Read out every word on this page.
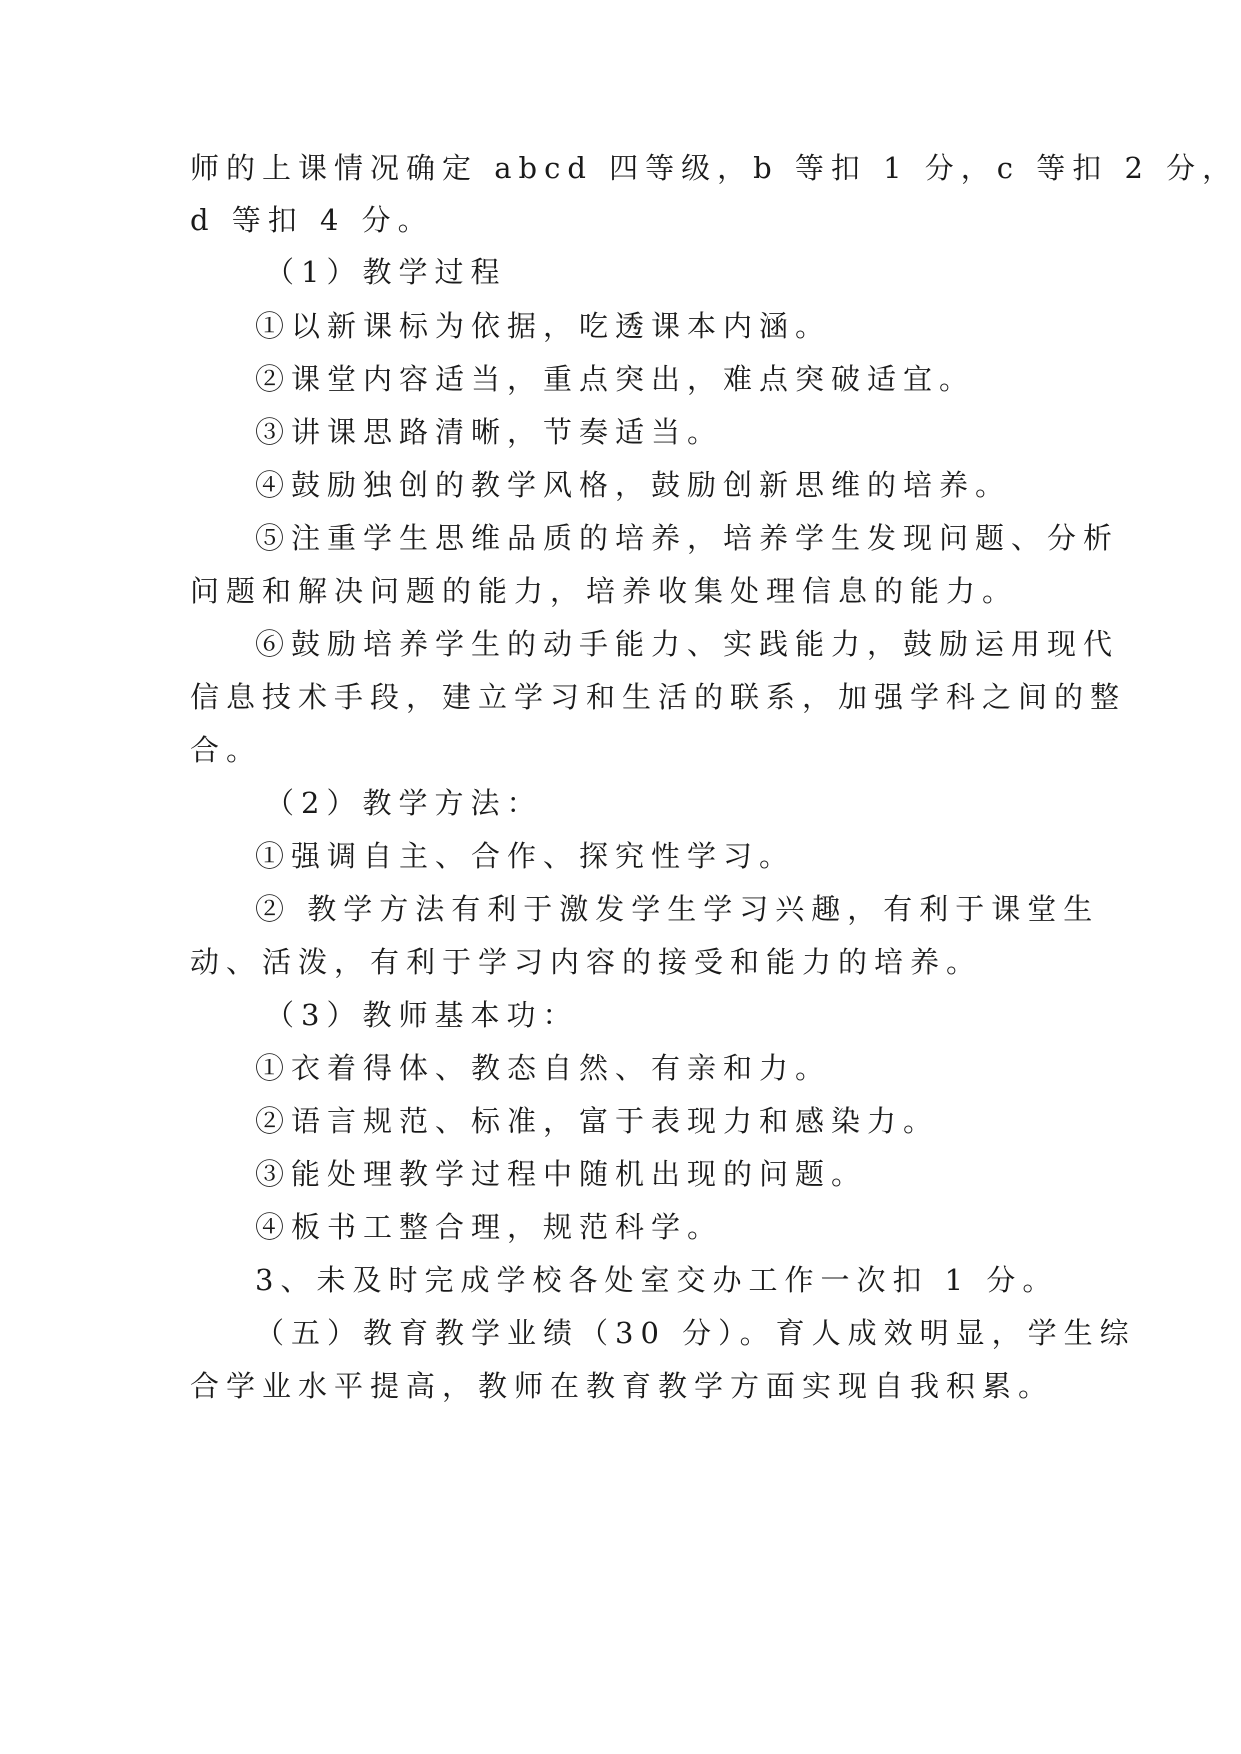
师的上课情况确定 abcd 四等级，b 等扣 1 分，c 等扣 2 分，
d 等扣 4 分。
（1）教学过程
①以新课标为依据，吃透课本内涵。
②课堂内容适当，重点突出，难点突破适宜。
③讲课思路清晰，节奏适当。
④鼓励独创的教学风格，鼓励创新思维的培养。
⑤注重学生思维品质的培养，培养学生发现问题、分析
问题和解决问题的能力，培养收集处理信息的能力。
⑥鼓励培养学生的动手能力、实践能力，鼓励运用现代
信息技术手段，建立学习和生活的联系，加强学科之间的整
合。
（2）教学方法：
①强调自主、合作、探究性学习。
② 教学方法有利于激发学生学习兴趣，有利于课堂生
动、活泼，有利于学习内容的接受和能力的培养。
（3）教师基本功：
①衣着得体、教态自然、有亲和力。
②语言规范、标准，富于表现力和感染力。
③能处理教学过程中随机出现的问题。
④板书工整合理，规范科学。
3、未及时完成学校各处室交办工作一次扣 1 分。
（五）教育教学业绩（30 分）。育人成效明显，学生综
合学业水平提高，教师在教育教学方面实现自我积累。
